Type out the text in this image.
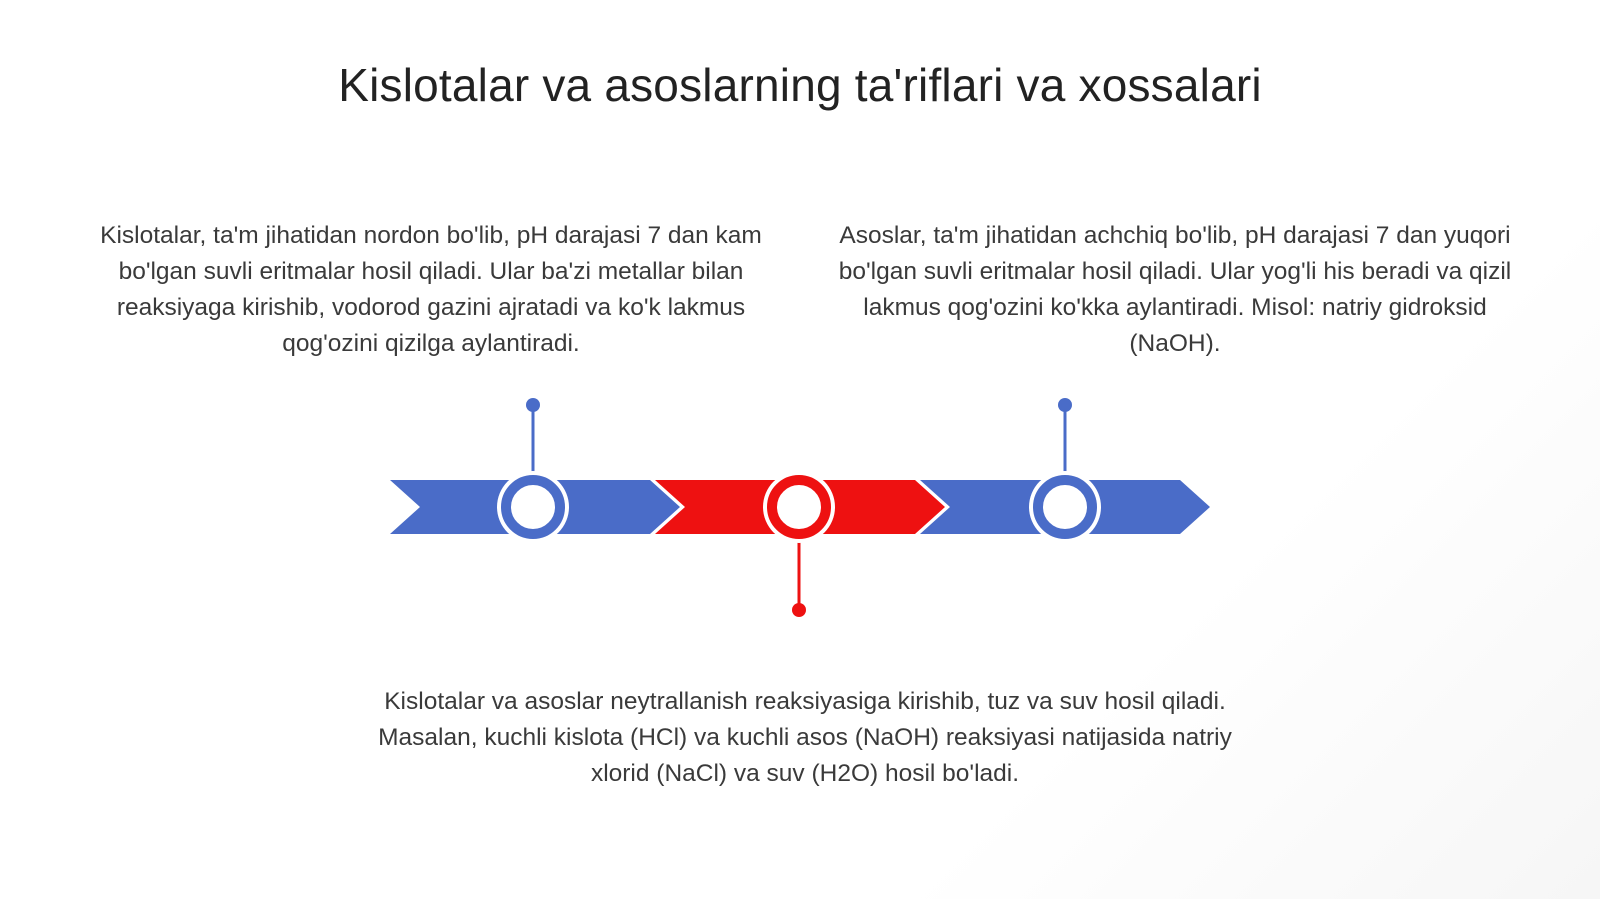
Kislotalar va asoslarning ta'riflari va xossalari

Kislotalar, ta'm jihatidan nordon bo'lib, pH darajasi 7 dan kam bo'lgan suvli eritmalar hosil qiladi. Ular ba'zi metallar bilan reaksiyaga kirishib, vodorod gazini ajratadi va ko'k lakmus qog'ozini qizilga aylantiradi.

Asoslar, ta'm jihatidan achchiq bo'lib, pH darajasi 7 dan yuqori bo'lgan suvli eritmalar hosil qiladi. Ular yog'li his beradi va qizil lakmus qog'ozini ko'kka aylantiradi. Misol: natriy gidroksid (NaOH).

Kislotalar va asoslar neytrallanish reaksiyasiga kirishib, tuz va suv hosil qiladi. Masalan, kuchli kislota (HCl) va kuchli asos (NaOH) reaksiyasi natijasida natriy xlorid (NaCl) va suv (H2O) hosil bo'ladi.
